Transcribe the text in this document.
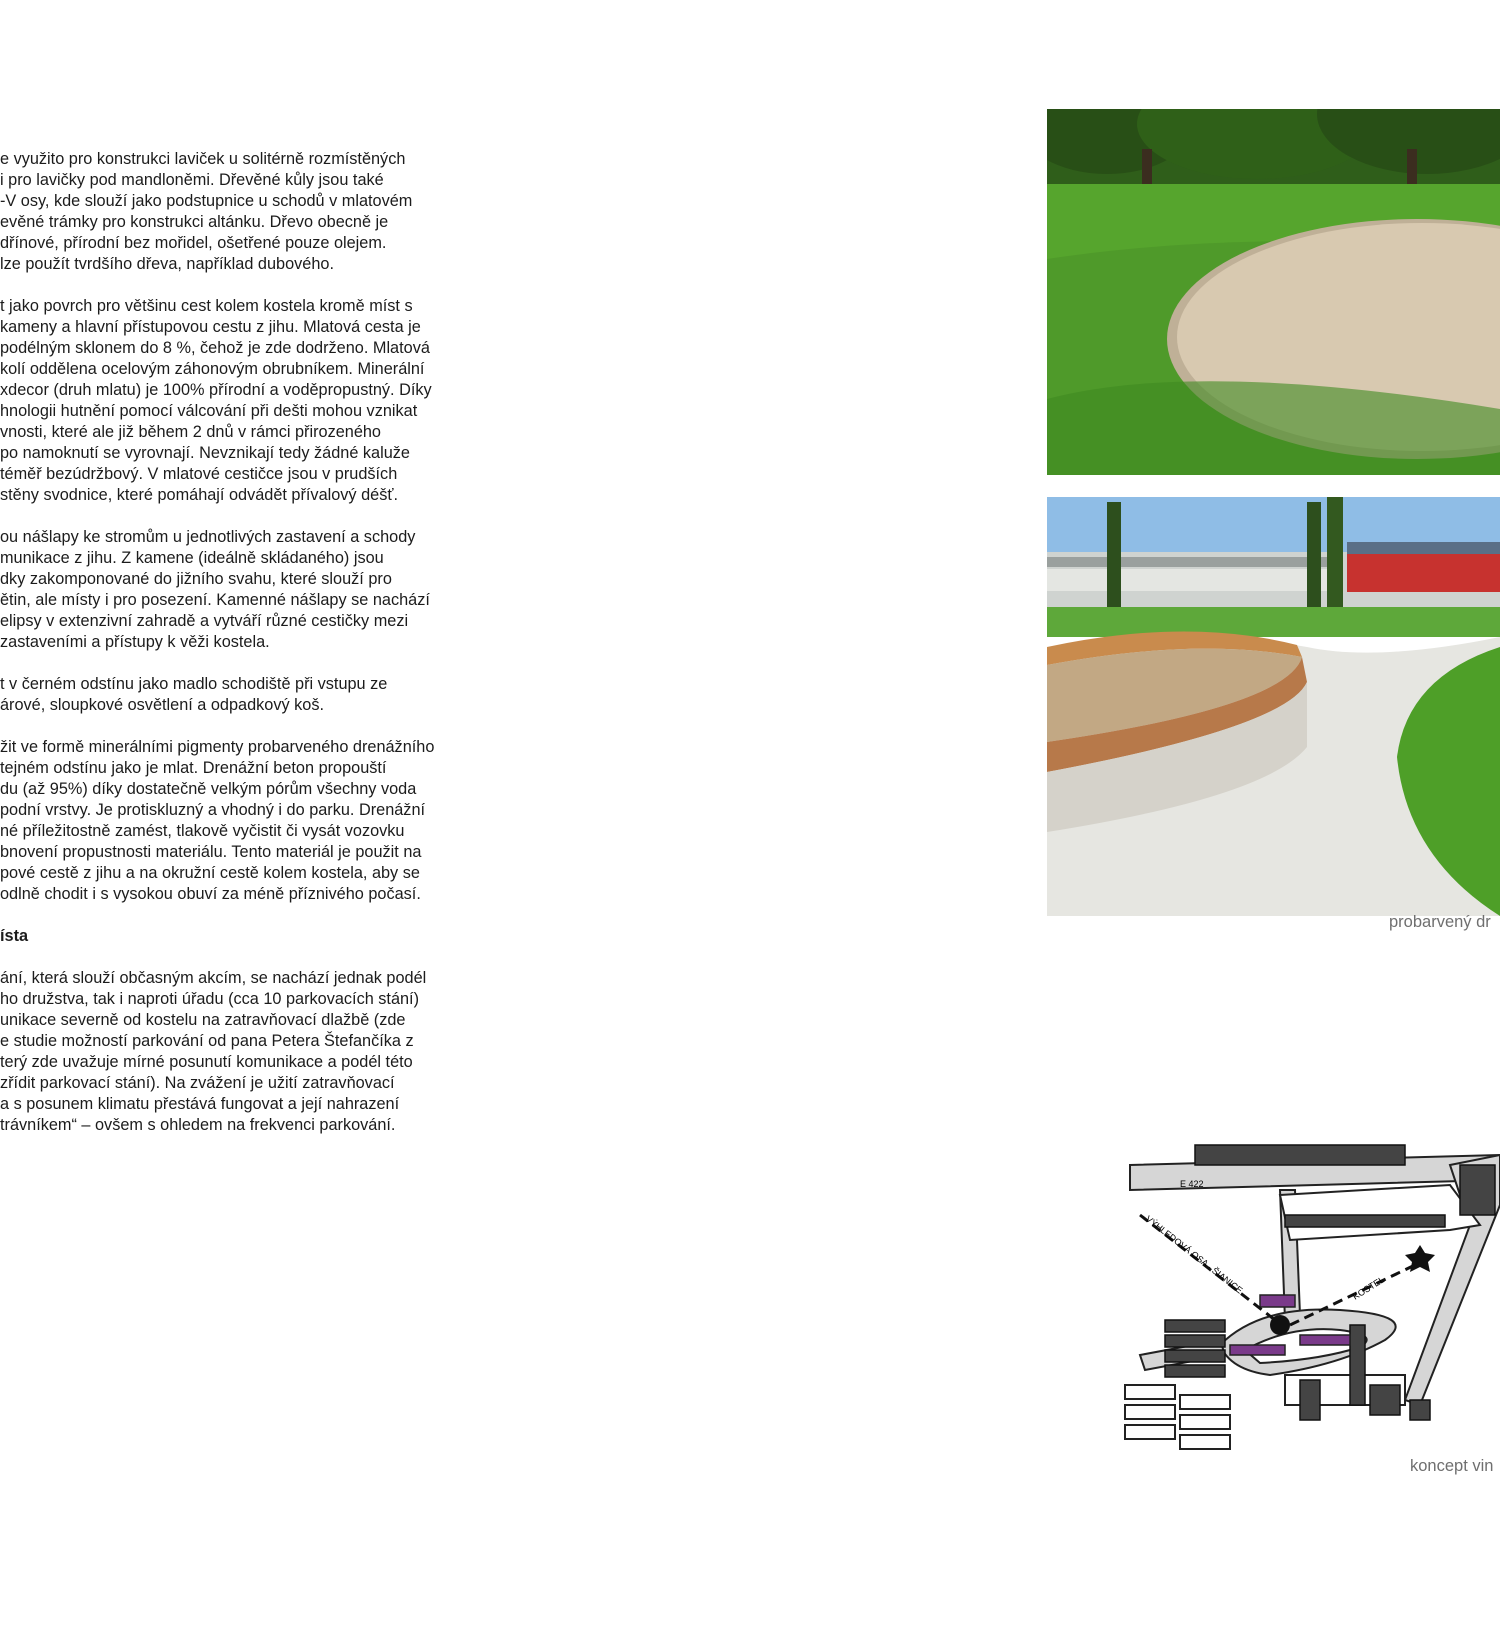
e využito pro konstrukci laviček u solitérně rozmístěných
i pro lavičky pod mandloněmi. Dřevěné kůly jsou také
-V osy, kde slouží jako podstupnice u schodů v mlatovém
evěné trámky pro konstrukci altánku. Dřevo obecně je
dřínové, přírodní bez mořidel, ošetřené pouze olejem.
lze použít tvrdšího dřeva, například dubového.
t jako povrch pro většinu cest kolem kostela kromě míst s
kameny a hlavní přístupovou cestu z jihu. Mlatová cesta je
podélným sklonem do 8 %, čehož je zde dodrženo. Mlatová
kolí oddělena ocelovým záhonovým obrubníkem. Minerální
xdecor (druh mlatu) je 100% přírodní a voděpropustný. Díky
hnologii hutnění pomocí válcování při dešti mohou vznikat
vnosti, které ale již během 2 dnů v rámci přirozeného
po namoknutí se vyrovnají. Nevznikají tedy žádné kaluže
téměř bezúdržbový. V mlatové cestičce jsou v prudších
stěny svodnice, které pomáhají odvádět přívalový déšť.
ou nášlapy ke stromům u jednotlivých zastavení a schody
munikace z jihu. Z kamene (ideálně skládaného) jsou
dky zakomponované do jižního svahu, které slouží pro
ětin, ale místy i pro posezení. Kamenné nášlapy se nachází
elipsy v extenzivní zahradě a vytváří různé cestičky mezi
zastaveními a přístupy k věži kostela.
t v černém odstínu jako madlo schodiště při vstupu ze
árové, sloupkové osvětlení a odpadkový koš.
žit ve formě minerálními pigmenty probarveného drenážního
tejném odstínu jako je mlat. Drenážní beton propouští
du (až 95%) díky dostatečně velkým pórům všechny voda
podní vrstvy. Je protiskluzný a vhodný i do parku. Drenážní
né příležitostně zamést, tlakově vyčistit či vysát vozovku
bnovení propustnosti materiálu. Tento materiál je použit na
pové cestě z jihu a na okružní cestě kolem kostela, aby se
odlně chodit i s vysokou obuví za méně příznivého počasí.
ísta
ání, která slouží občasným akcím, se nachází jednak podél
ho družstva, tak i naproti úřadu (cca 10 parkovacích stání)
unikace severně od kostelu na zatravňovací dlažbě (zde
e studie možností parkování od pana Petera Štefančíka z
terý zde uvažuje mírné posunutí komunikace a podél této
zřídit parkovací stání). Na zvážení je užití zatravňovací
a s posunem klimatu přestává fungovat a její nahrazení
trávníkem“ – ovšem s ohledem na frekvenci parkování.
probarvený dr
E 422
VÝHLEDOVÁ OSA - ŠIANICE	KOSTEL
koncept vin
